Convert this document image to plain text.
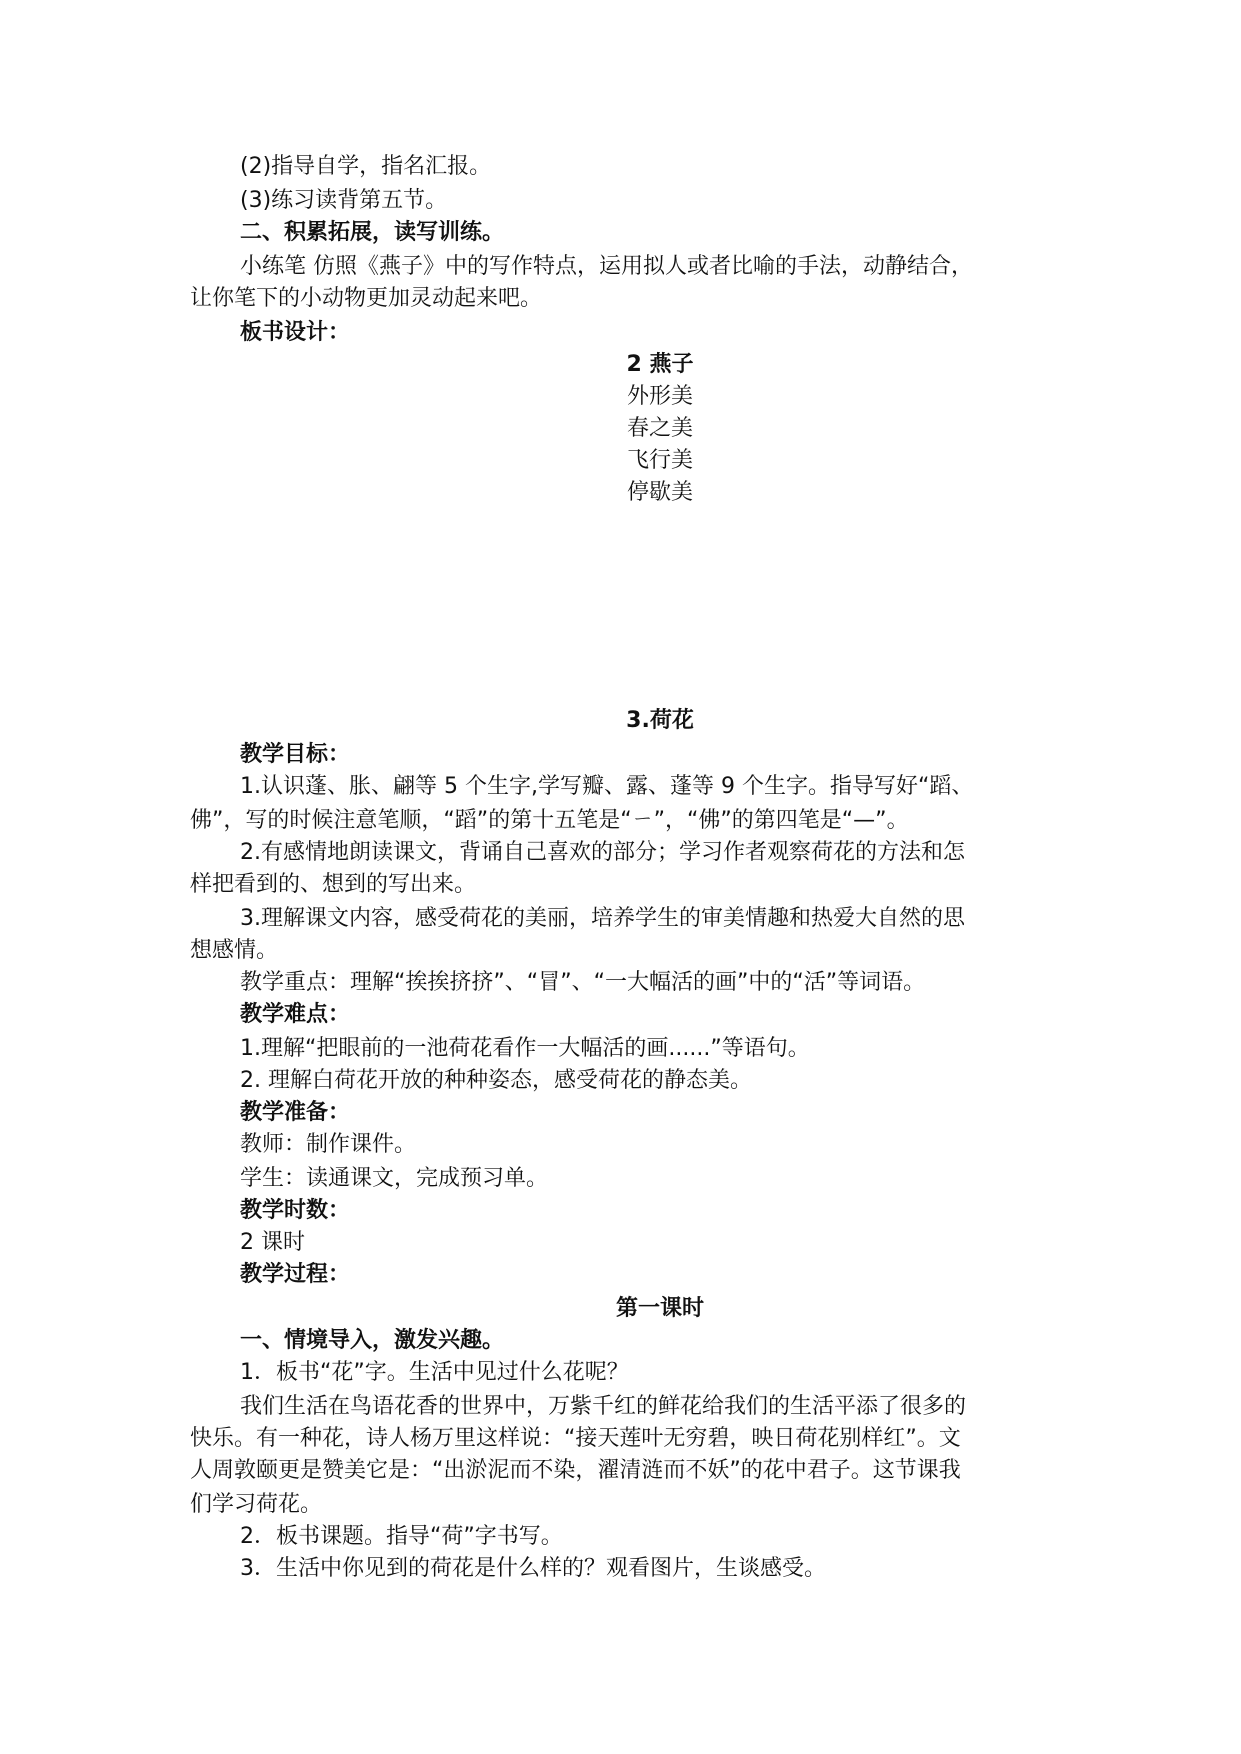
(2)指导自学，指名汇报。
(3)练习读背第五节。
二、积累拓展，读写训练。
小练笔 仿照《燕子》中的写作特点，运用拟人或者比喻的手法，动静结合，
让你笔下的小动物更加灵动起来吧。
板书设计：
2 燕子
外形美
春之美
飞行美
停歇美
3.荷花
教学目标：
1.认识蓬、胀、翩等 5 个生字,学写瓣、露、蓬等 9 个生字。指导写好“蹈、
佛”，写的时候注意笔顺，“蹈”的第十五笔是“ㄧ”，“佛”的第四笔是“—”。
2.有感情地朗读课文，背诵自己喜欢的部分；学习作者观察荷花的方法和怎
样把看到的、想到的写出来。
3.理解课文内容，感受荷花的美丽，培养学生的审美情趣和热爱大自然的思
想感情。
教学重点：理解“挨挨挤挤”、“冒”、“一大幅活的画”中的“活”等词语。
教学难点：
1.理解“把眼前的一池荷花看作一大幅活的画......”等语句。
2. 理解白荷花开放的种种姿态，感受荷花的静态美。
教学准备：
教师：制作课件。
学生：读通课文，完成预习单。
教学时数：
2 课时
教学过程：
第一课时
一、情境导入，激发兴趣。
1．板书“花”字。生活中见过什么花呢？
我们生活在鸟语花香的世界中，万紫千红的鲜花给我们的生活平添了很多的
快乐。有一种花，诗人杨万里这样说：“接天莲叶无穷碧，映日荷花别样红”。文
人周敦颐更是赞美它是：“出淤泥而不染，濯清涟而不妖”的花中君子。这节课我
们学习荷花。
2．板书课题。指导“荷”字书写。
3．生活中你见到的荷花是什么样的？观看图片，生谈感受。
